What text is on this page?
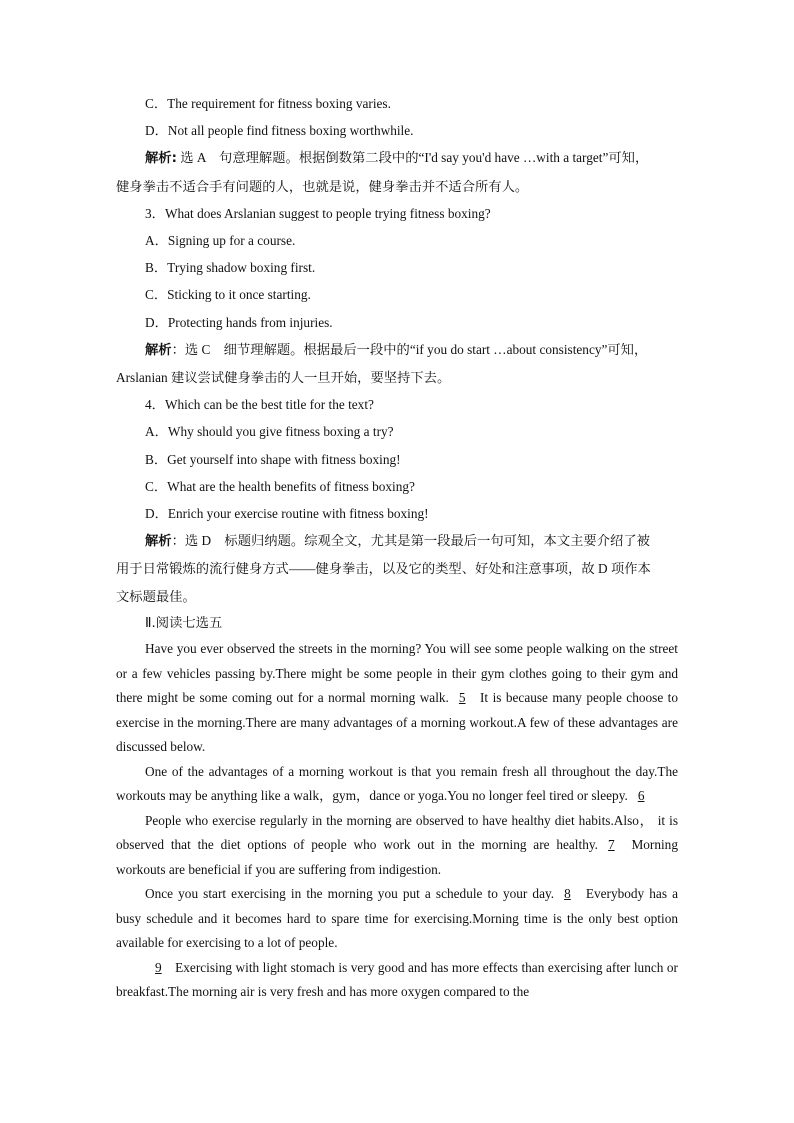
C．The requirement for fitness boxing varies.
D．Not all people find fitness boxing worthwhile.
解析: 选 A　句意理解题。根据倒数第二段中的“I'd say you'd have …with a target”可知，
健身拳击不适合手有问题的人，也就是说，健身拳击并不适合所有人。
3．What does Arslanian suggest to people trying fitness boxing?
A．Signing up for a course.
B．Trying shadow boxing first.
C．Sticking to it once starting.
D．Protecting hands from injuries.
解析：选 C　细节理解题。根据最后一段中的“if you do start …about consistency”可知，
Arslanian 建议尝试健身拳击的人一旦开始，要坚持下去。
4．Which can be the best title for the text?
A．Why should you give fitness boxing a try?
B．Get yourself into shape with fitness boxing!
C．What are the health benefits of fitness boxing?
D．Enrich your exercise routine with fitness boxing!
解析：选 D　标题归纳题。综观全文，尤其是第一段最后一句可知，本文主要介绍了被
用于日常锻炼的流行健身方式——健身拳击，以及它的类型、好处和注意事项，故 D 项作本
文标题最佳。
Ⅱ.阅读七选五

Have you ever observed the streets in the morning? You will see some people walking on the street or a few vehicles passing by.There might be some people in their gym clothes going to their gym and there might be some coming out for a normal morning walk. 5 It is because many people choose to exercise in the morning.There are many advantages of a morning workout.A few of these advantages are discussed below.

One of the advantages of a morning workout is that you remain fresh all throughout the day.The workouts may be anything like a walk，gym，dance or yoga.You no longer feel tired or sleepy. 6

People who exercise regularly in the morning are observed to have healthy diet habits.Also， it is observed that the diet options of people who work out in the morning are healthy. 7 Morning workouts are beneficial if you are suffering from indigestion.

Once you start exercising in the morning you put a schedule to your day. 8 Everybody has a busy schedule and it becomes hard to spare time for exercising.Morning time is the only best option available for exercising to a lot of people.

9 Exercising with light stomach is very good and has more effects than exercising after lunch or breakfast.The morning air is very fresh and has more oxygen compared to the
